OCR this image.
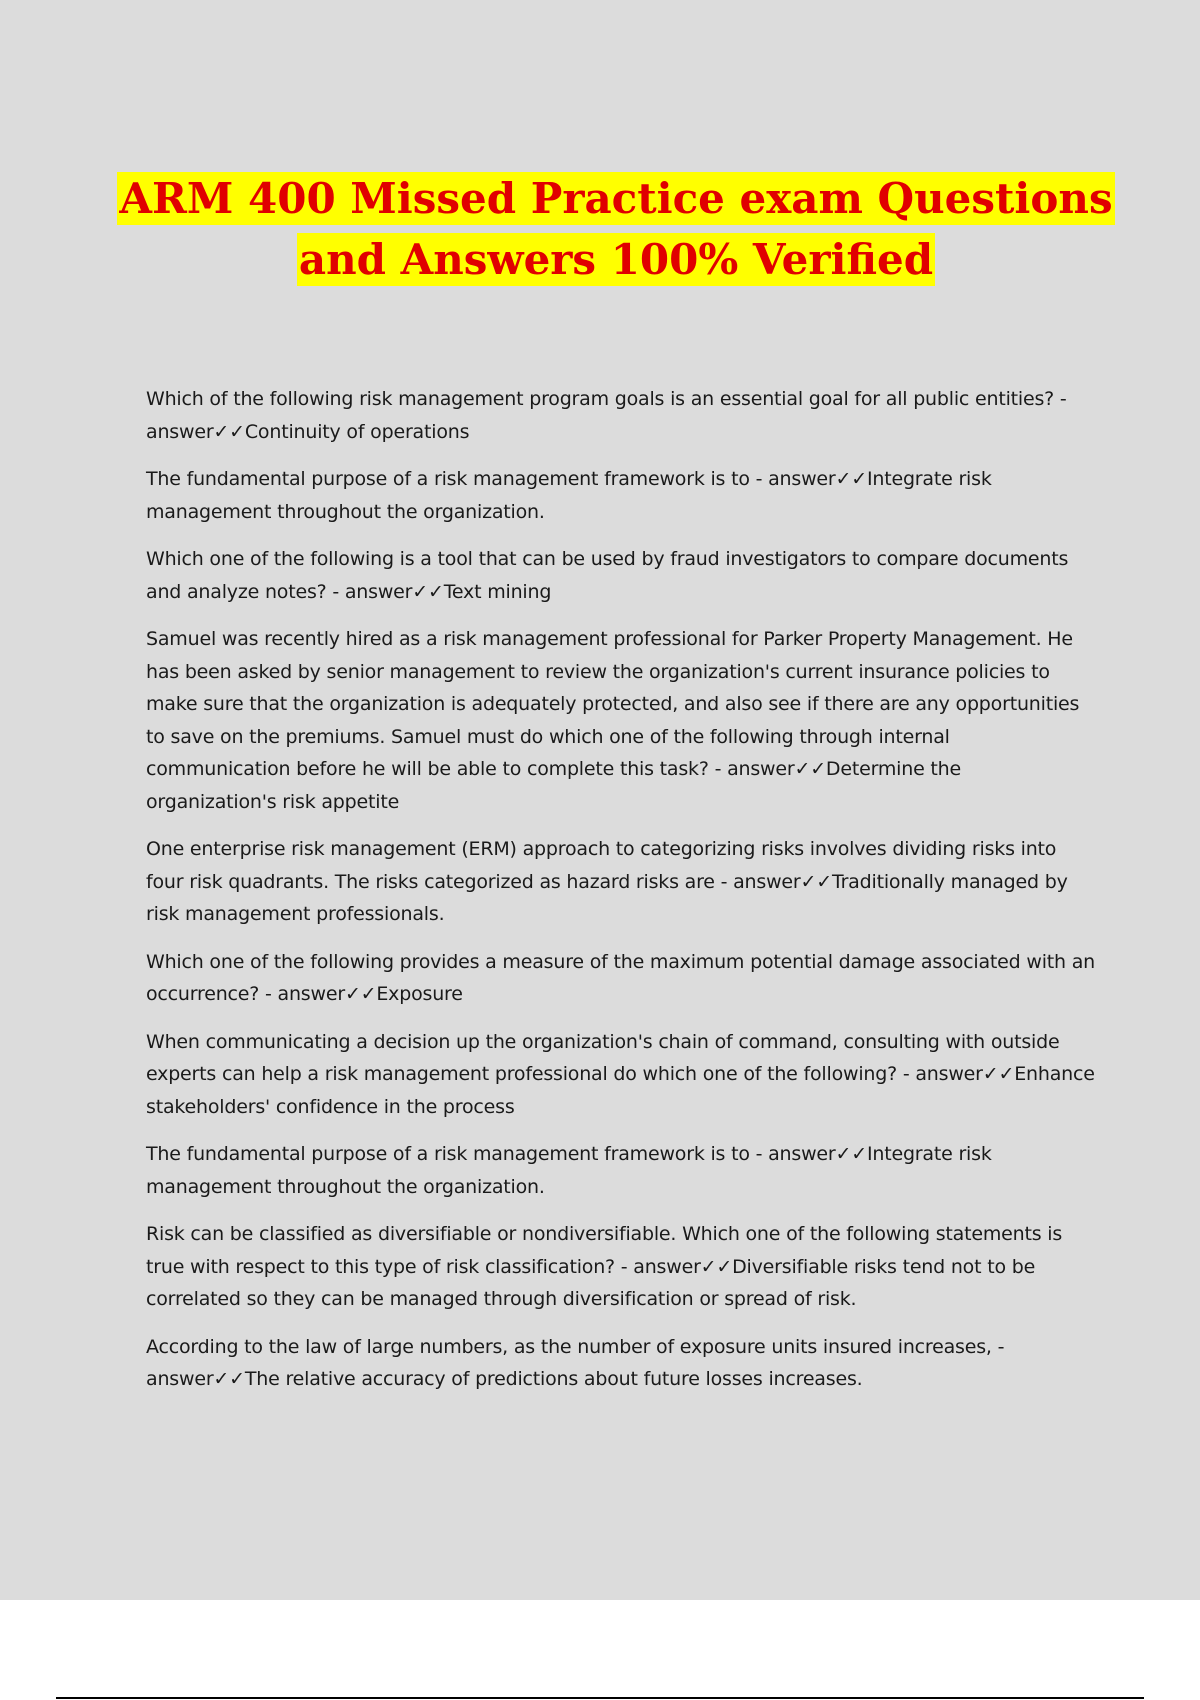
ARM 400 Missed Practice exam Questions
and Answers 100% Verified

Which of the following risk management program goals is an essential goal for all public entities? - answer✓✓Continuity of operations

The fundamental purpose of a risk management framework is to - answer✓✓Integrate risk management throughout the organization.

Which one of the following is a tool that can be used by fraud investigators to compare documents and analyze notes? - answer✓✓Text mining

Samuel was recently hired as a risk management professional for Parker Property Management. He has been asked by senior management to review the organization's current insurance policies to make sure that the organization is adequately protected, and also see if there are any opportunities to save on the premiums. Samuel must do which one of the following through internal communication before he will be able to complete this task? - answer✓✓Determine the organization's risk appetite

One enterprise risk management (ERM) approach to categorizing risks involves dividing risks into four risk quadrants. The risks categorized as hazard risks are - answer✓✓Traditionally managed by risk management professionals.

Which one of the following provides a measure of the maximum potential damage associated with an occurrence? - answer✓✓Exposure

When communicating a decision up the organization's chain of command, consulting with outside experts can help a risk management professional do which one of the following? - answer✓✓Enhance stakeholders' confidence in the process

The fundamental purpose of a risk management framework is to - answer✓✓Integrate risk management throughout the organization.

Risk can be classified as diversifiable or nondiversifiable. Which one of the following statements is true with respect to this type of risk classification? - answer✓✓Diversifiable risks tend not to be correlated so they can be managed through diversification or spread of risk.

According to the law of large numbers, as the number of exposure units insured increases, - answer✓✓The relative accuracy of predictions about future losses increases.
